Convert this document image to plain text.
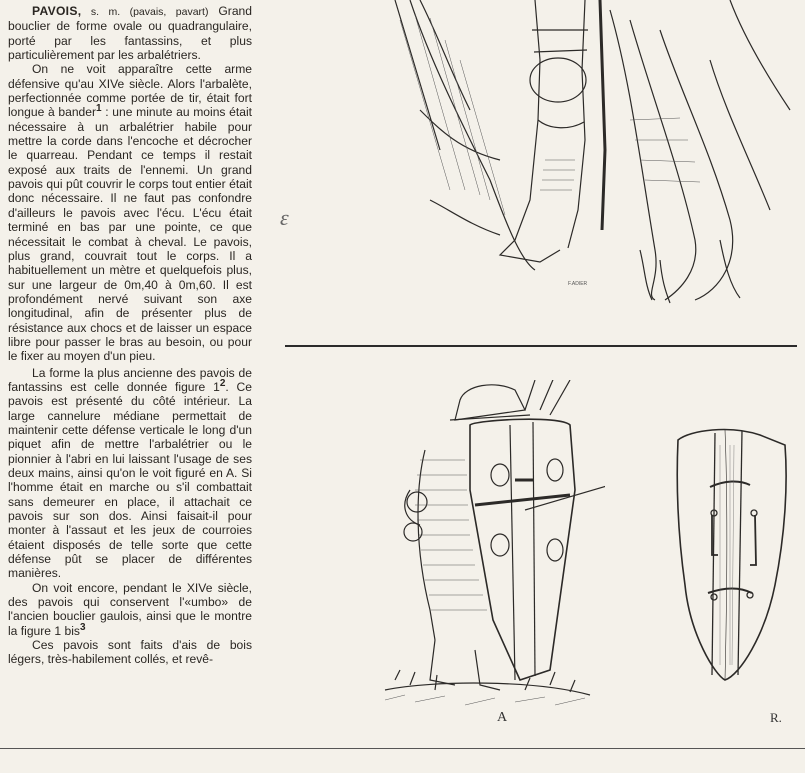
PAVOIS, s. m. (pavais, pavart) Grand bouclier de forme ovale ou quadrangulaire, porté par les fantassins, et plus particulièrement par les arbalétriers.

On ne voit apparaître cette arme défensive qu'au XIVe siècle. Alors l'arbalète, perfectionnée comme portée de tir, était fort longue à bander$^1$ : une minute au moins était nécessaire à un arbalétrier habile pour mettre la corde dans l'encoche et décrocher le quarreau. Pendant ce temps il restait exposé aux traits de l'ennemi. Un grand pavois qui pût couvrir le corps tout entier était donc nécessaire. Il ne faut pas confondre d'ailleurs le pavois avec l'écu. L'écu était terminé en bas par une pointe, ce que nécessitait le combat à cheval. Le pavois, plus grand, couvrait tout le corps. Il a habituellement un mètre et quelquefois plus, sur une largeur de 0m,40 à 0m,60. Il est profondément nervé suivant son axe longitudinal, afin de présenter plus de résistance aux chocs et de laisser un espace libre pour passer le bras au besoin, ou pour le fixer au moyen d'un pieu.

La forme la plus ancienne des pavois de fantassins est celle donnée figure 1$^2$. Ce pavois est présenté du côté intérieur. La large cannelure médiane permettait de maintenir cette défense verticale le long d'un piquet afin de mettre l'arbalétrier ou le pionnier à l'abri en lui laissant l'usage de ses deux mains, ainsi qu'on le voit figuré en A. Si l'homme était en marche ou s'il combattait sans demeurer en place, il attachait ce pavois sur son dos. Ainsi faisait-il pour monter à l'assaut et les jeux de courroies étaient disposés de telle sorte que cette défense pût se placer de différentes manières.

On voit encore, pendant le XIVe siècle, des pavois qui conservent l'«umbo» de l'ancien bouclier gaulois, ainsi que le montre la figure 1 bis$^3$

Ces pavois sont faits d'ais de bois légers, très-habilement collés, et revê-

F.ADIER
ɛ
A	R.
